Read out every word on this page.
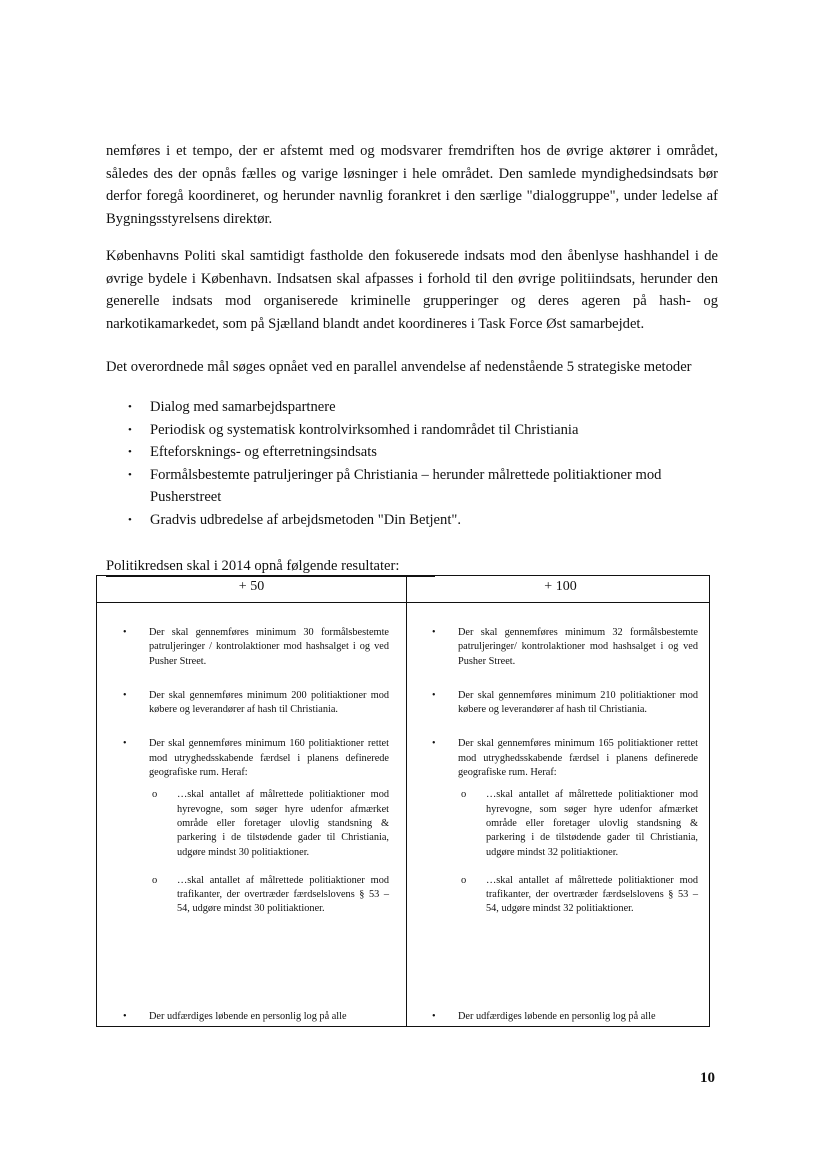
nemføres i et tempo, der er afstemt med og modsvarer fremdriften hos de øvrige aktører i området, således des der opnås fælles og varige løsninger i hele området. Den samlede myndighedsindsats bør derfor foregå koordineret, og herunder navnlig forankret i den særlige "dialoggruppe", under ledelse af Bygningsstyrelsens direktør.

Københavns Politi skal samtidigt fastholde den fokuserede indsats mod den åbenlyse hashhandel i de øvrige bydele i København. Indsatsen skal afpasses i forhold til den øvrige politiindsats, herunder den generelle indsats mod organiserede kriminelle grupperinger og deres ageren på hash- og narkotikamarkedet, som på Sjælland blandt andet koordineres i Task Force Øst samarbejdet.

Det overordnede mål søges opnået ved en parallel anvendelse af nedenstående 5 strategiske metoder

• Dialog med samarbejdspartnere
• Periodisk og systematisk kontrolvirksomhed i randområdet til Christiania
• Efteforsknings- og efterretningsindsats
• Formålsbestemte patruljeringer på Christiania – herunder målrettede politiaktioner mod Pusherstreet
• Gradvis udbredelse af arbejdsmetoden "Din Betjent".

Politikredsen skal i 2014 opnå følgende resultater:

+ 50	+ 100
• Der skal gennemføres minimum 30 formålsbestemte patruljeringer / kontrolaktioner mod hashsalget i og ved Pusher Street.
• Der skal gennemføres minimum 200 politiaktioner mod købere og leverandører af hash til Christiania.
• Der skal gennemføres minimum 160 politiaktioner rettet mod utryghedsskabende færdsel i planens definerede geografiske rum. Heraf:
o …skal antallet af målrettede politiaktioner mod hyrevogne, som søger hyre udenfor afmærket område eller foretager ulovlig standsning & parkering i de tilstødende gader til Christiania, udgøre mindst 30 politiaktioner.
o …skal antallet af målrettede politiaktioner mod trafikanter, der overtræder færdselslovens § 53 – 54, udgøre mindst 30 politiaktioner.
• Der skal gennemføres minimum 32 formålsbestemte patruljeringer/ kontrolaktioner mod hashsalget i og ved Pusher Street.
• Der skal gennemføres minimum 210 politiaktioner mod købere og leverandører af hash til Christiania.
• Der skal gennemføres minimum 165 politiaktioner rettet mod utryghedsskabende færdsel i planens definerede geografiske rum. Heraf:
o …skal antallet af målrettede politiaktioner mod hyrevogne, som søger hyre udenfor afmærket område eller foretager ulovlig standsning & parkering i de tilstødende gader til Christiania, udgøre mindst 32 politiaktioner.
o …skal antallet af målrettede politiaktioner mod trafikanter, der overtræder færdselslovens § 53 – 54, udgøre mindst 32 politiaktioner.
• Der udfærdiges løbende en personlig log på alle	• Der udfærdiges løbende en personlig log på alle
10
